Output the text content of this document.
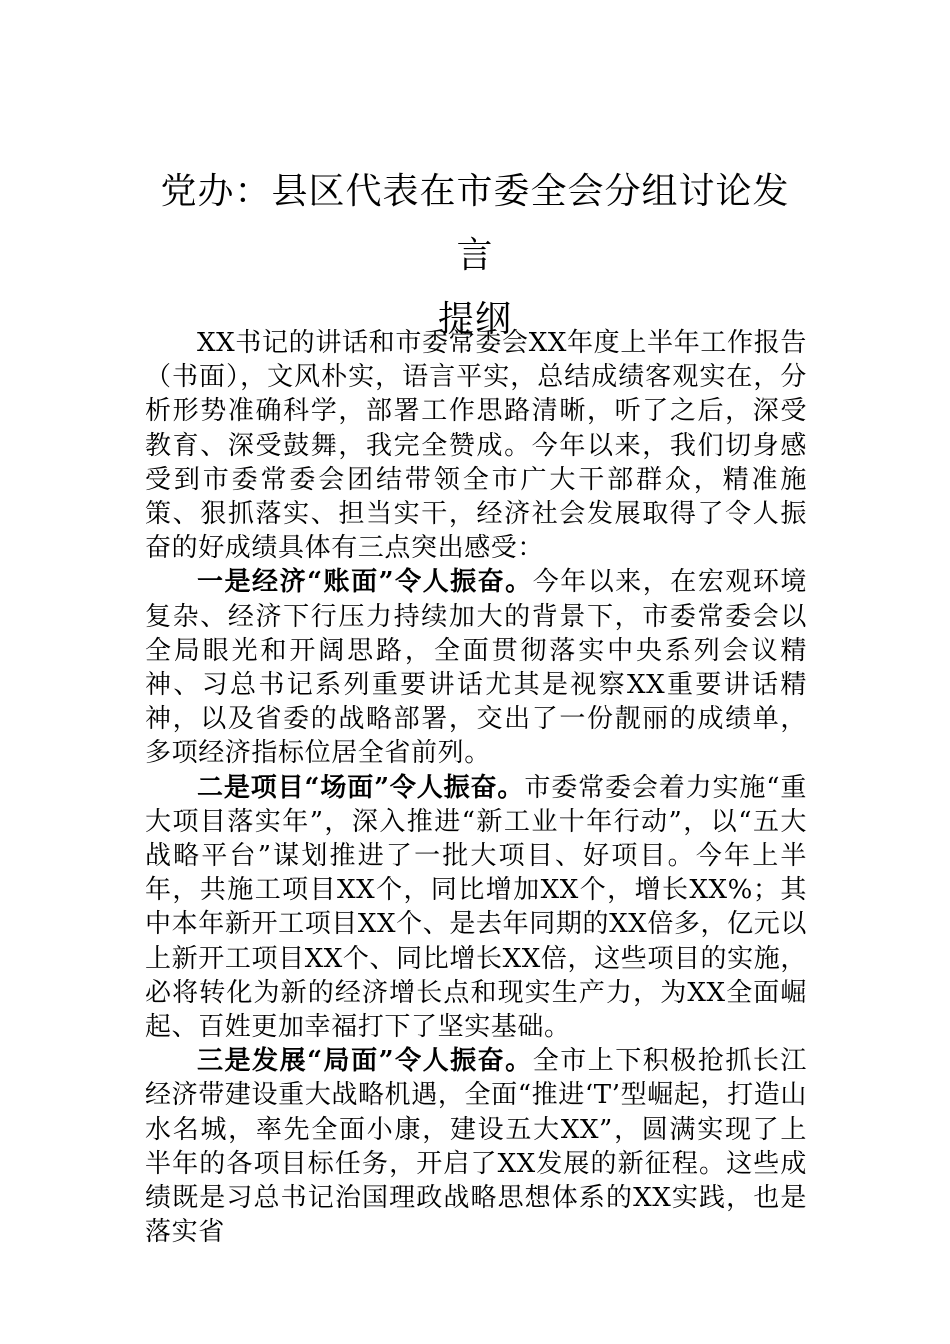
党办：县区代表在市委全会分组讨论发言
提纲

XX书记的讲话和市委常委会XX年度上半年工作报告（书面），文风朴实，语言平实，总结成绩客观实在，分析形势准确科学，部署工作思路清晰，听了之后，深受教育、深受鼓舞，我完全赞成。今年以来，我们切身感受到市委常委会团结带领全市广大干部群众，精准施策、狠抓落实、担当实干，经济社会发展取得了令人振奋的好成绩具体有三点突出感受：

一是经济“账面”令人振奋。今年以来，在宏观环境复杂、经济下行压力持续加大的背景下，市委常委会以全局眼光和开阔思路，全面贯彻落实中央系列会议精神、习总书记系列重要讲话尤其是视察XX重要讲话精神，以及省委的战略部署，交出了一份靓丽的成绩单，多项经济指标位居全省前列。

二是项目“场面”令人振奋。市委常委会着力实施“重大项目落实年”，深入推进“新工业十年行动”，以“五大战略平台”谋划推进了一批大项目、好项目。今年上半年，共施工项目XX个，同比增加XX个，增长XX%；其中本年新开工项目XX个、是去年同期的XX倍多，亿元以上新开工项目XX个、同比增长XX倍，这些项目的实施，必将转化为新的经济增长点和现实生产力，为XX全面崛起、百姓更加幸福打下了坚实基础。

三是发展“局面”令人振奋。全市上下积极抢抓长江经济带建设重大战略机遇，全面“推进‘T’型崛起，打造山水名城，率先全面小康，建设五大XX”，圆满实现了上半年的各项目标任务，开启了XX发展的新征程。这些成绩既是习总书记治国理政战略思想体系的XX实践，也是落实省
